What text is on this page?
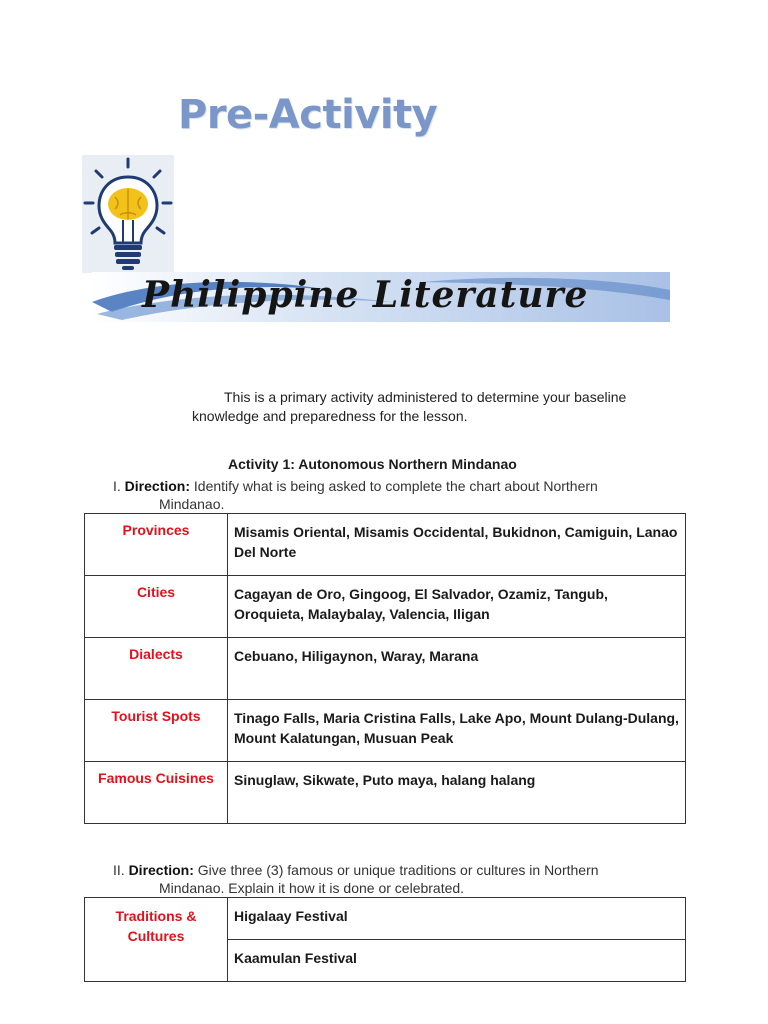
Pre-Activity
Philippine Literature
This is a primary activity administered to determine your baseline
knowledge and preparedness for the lesson.
Activity 1: Autonomous Northern Mindanao
I. Direction: Identify what is being asked to complete the chart about Northern
Mindanao.
Provinces	Misamis Oriental, Misamis Occidental, Bukidnon, Camiguin, Lanao Del Norte
Cities	Cagayan de Oro, Gingoog, El Salvador, Ozamiz, Tangub, Oroquieta, Malaybalay, Valencia, Iligan
Dialects	Cebuano, Hiligaynon, Waray, Marana
Tourist Spots	Tinago Falls, Maria Cristina Falls, Lake Apo, Mount Dulang-Dulang, Mount Kalatungan, Musuan Peak
Famous Cuisines	Sinuglaw, Sikwate, Puto maya, halang halang
II. Direction: Give three (3) famous or unique traditions or cultures in Northern
Mindanao. Explain it how it is done or celebrated.
Traditions & Cultures	Higalaay Festival
Kaamulan Festival
